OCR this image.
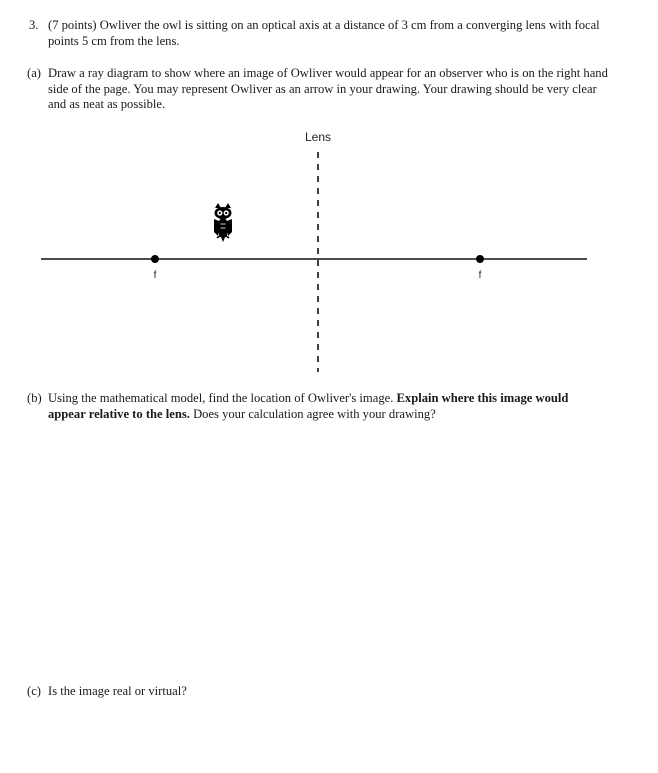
3. (7 points) Owliver the owl is sitting on an optical axis at a distance of 3 cm from a converging lens with focal points 5 cm from the lens.
(a) Draw a ray diagram to show where an image of Owliver would appear for an observer who is on the right hand side of the page. You may represent Owliver as an arrow in your drawing. Your drawing should be very clear and as neat as possible.
Lens
f	f
(b) Using the mathematical model, find the location of Owliver's image. Explain where this image would appear relative to the lens. Does your calculation agree with your drawing?
(c) Is the image real or virtual?
